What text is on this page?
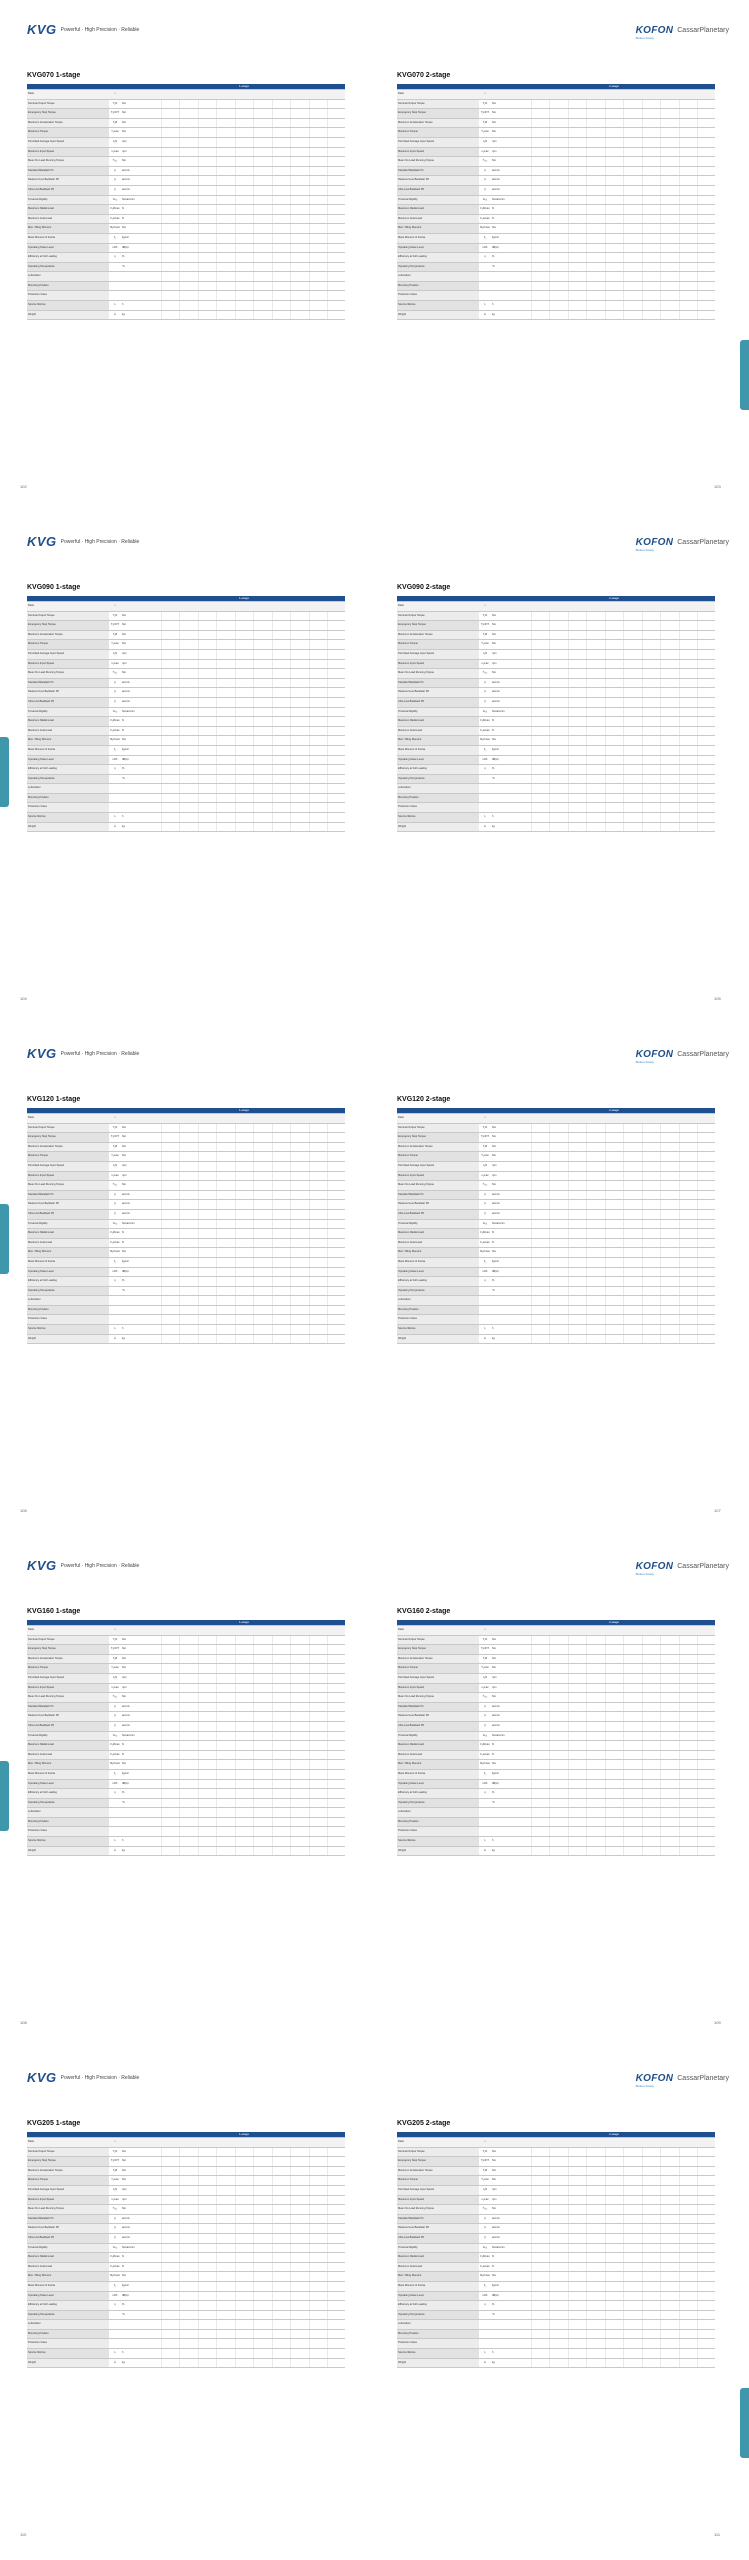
KVG Powerful · High Precision · Reliable	KOFON
Motion Group
CassarPlanetary
KVG070 1-stage	KVG070 2-stage
			1-stage
Ratio	i		
Nominal Output Torque	T₂N	Nm	
Emergency Stop Torque	T₂NOT	Nm	
Maximum Acceleration Torque	T₂B	Nm	
Maximum Torque	T₂max	Nm	
Permitted Average Input Speed	n₁N	rpm	
Maximum Input Speed	n₁max	rpm	
Mean No Load Running Torque	T₀₁₂	Nm	
Standard Backlash P1	jt	arcmin	
Reduced Low Backlash P0	jt	arcmin	
Ultra Low Backlash P0	jt	arcmin	
Torsional Rigidity	Ct₂₁	Nm/arcmin	
Maximum Radial Load	F₂Rmax	N	
Maximum Axial Load	F₂Amax	N	
Max. Tilting Moment	M₂Kmax	Nm	
Mass Moment of Inertia	J₁	kgcm²	
Operating Noise Level	LPA	dB(A)	
Efficiency at Full Loading	η	%	
Operating Temperature		°C	
Lubrication			
Mounting Position			
Protection Class			
Service lifetime	L	h	
Weight	m	kg	
			2-stage
Ratio	i		
Nominal Output Torque	T₂N	Nm	
Emergency Stop Torque	T₂NOT	Nm	
Maximum Acceleration Torque	T₂B	Nm	
Maximum Torque	T₂max	Nm	
Permitted Average Input Speed	n₁N	rpm	
Maximum Input Speed	n₁max	rpm	
Mean No Load Running Torque	T₀₁₂	Nm	
Standard Backlash P1	jt	arcmin	
Reduced Low Backlash P0	jt	arcmin	
Ultra Low Backlash P0	jt	arcmin	
Torsional Rigidity	Ct₂₁	Nm/arcmin	
Maximum Radial Load	F₂Rmax	N	
Maximum Axial Load	F₂Amax	N	
Max. Tilting Moment	M₂Kmax	Nm	
Mass Moment of Inertia	J₁	kgcm²	
Operating Noise Level	LPA	dB(A)	
Efficiency at Full Loading	η	%	
Operating Temperature		°C	
Lubrication			
Mounting Position			
Protection Class			
Service lifetime	L	h	
Weight	m	kg	
102	103
KVG Powerful · High Precision · Reliable	KOFON
Motion Group
CassarPlanetary
KVG090 1-stage	KVG090 2-stage
			1-stage
Ratio	i		
Nominal Output Torque	T₂N	Nm	
Emergency Stop Torque	T₂NOT	Nm	
Maximum Acceleration Torque	T₂B	Nm	
Maximum Torque	T₂max	Nm	
Permitted Average Input Speed	n₁N	rpm	
Maximum Input Speed	n₁max	rpm	
Mean No Load Running Torque	T₀₁₂	Nm	
Standard Backlash P1	jt	arcmin	
Reduced Low Backlash P0	jt	arcmin	
Ultra Low Backlash P0	jt	arcmin	
Torsional Rigidity	Ct₂₁	Nm/arcmin	
Maximum Radial Load	F₂Rmax	N	
Maximum Axial Load	F₂Amax	N	
Max. Tilting Moment	M₂Kmax	Nm	
Mass Moment of Inertia	J₁	kgcm²	
Operating Noise Level	LPA	dB(A)	
Efficiency at Full Loading	η	%	
Operating Temperature		°C	
Lubrication			
Mounting Position			
Protection Class			
Service lifetime	L	h	
Weight	m	kg	
			2-stage
Ratio	i		
Nominal Output Torque	T₂N	Nm	
Emergency Stop Torque	T₂NOT	Nm	
Maximum Acceleration Torque	T₂B	Nm	
Maximum Torque	T₂max	Nm	
Permitted Average Input Speed	n₁N	rpm	
Maximum Input Speed	n₁max	rpm	
Mean No Load Running Torque	T₀₁₂	Nm	
Standard Backlash P1	jt	arcmin	
Reduced Low Backlash P0	jt	arcmin	
Ultra Low Backlash P0	jt	arcmin	
Torsional Rigidity	Ct₂₁	Nm/arcmin	
Maximum Radial Load	F₂Rmax	N	
Maximum Axial Load	F₂Amax	N	
Max. Tilting Moment	M₂Kmax	Nm	
Mass Moment of Inertia	J₁	kgcm²	
Operating Noise Level	LPA	dB(A)	
Efficiency at Full Loading	η	%	
Operating Temperature		°C	
Lubrication			
Mounting Position			
Protection Class			
Service lifetime	L	h	
Weight	m	kg	
104	105
KVG Powerful · High Precision · Reliable	KOFON
Motion Group
CassarPlanetary
KVG120 1-stage	KVG120 2-stage
			1-stage
Ratio	i		
Nominal Output Torque	T₂N	Nm	
Emergency Stop Torque	T₂NOT	Nm	
Maximum Acceleration Torque	T₂B	Nm	
Maximum Torque	T₂max	Nm	
Permitted Average Input Speed	n₁N	rpm	
Maximum Input Speed	n₁max	rpm	
Mean No Load Running Torque	T₀₁₂	Nm	
Standard Backlash P1	jt	arcmin	
Reduced Low Backlash P0	jt	arcmin	
Ultra Low Backlash P0	jt	arcmin	
Torsional Rigidity	Ct₂₁	Nm/arcmin	
Maximum Radial Load	F₂Rmax	N	
Maximum Axial Load	F₂Amax	N	
Max. Tilting Moment	M₂Kmax	Nm	
Mass Moment of Inertia	J₁	kgcm²	
Operating Noise Level	LPA	dB(A)	
Efficiency at Full Loading	η	%	
Operating Temperature		°C	
Lubrication			
Mounting Position			
Protection Class			
Service lifetime	L	h	
Weight	m	kg	
			2-stage
Ratio	i		
Nominal Output Torque	T₂N	Nm	
Emergency Stop Torque	T₂NOT	Nm	
Maximum Acceleration Torque	T₂B	Nm	
Maximum Torque	T₂max	Nm	
Permitted Average Input Speed	n₁N	rpm	
Maximum Input Speed	n₁max	rpm	
Mean No Load Running Torque	T₀₁₂	Nm	
Standard Backlash P1	jt	arcmin	
Reduced Low Backlash P0	jt	arcmin	
Ultra Low Backlash P0	jt	arcmin	
Torsional Rigidity	Ct₂₁	Nm/arcmin	
Maximum Radial Load	F₂Rmax	N	
Maximum Axial Load	F₂Amax	N	
Max. Tilting Moment	M₂Kmax	Nm	
Mass Moment of Inertia	J₁	kgcm²	
Operating Noise Level	LPA	dB(A)	
Efficiency at Full Loading	η	%	
Operating Temperature		°C	
Lubrication			
Mounting Position			
Protection Class			
Service lifetime	L	h	
Weight	m	kg	
106	107
KVG Powerful · High Precision · Reliable	KOFON
Motion Group
CassarPlanetary
KVG160 1-stage	KVG160 2-stage
			1-stage
Ratio	i		
Nominal Output Torque	T₂N	Nm	
Emergency Stop Torque	T₂NOT	Nm	
Maximum Acceleration Torque	T₂B	Nm	
Maximum Torque	T₂max	Nm	
Permitted Average Input Speed	n₁N	rpm	
Maximum Input Speed	n₁max	rpm	
Mean No Load Running Torque	T₀₁₂	Nm	
Standard Backlash P1	jt	arcmin	
Reduced Low Backlash P0	jt	arcmin	
Ultra Low Backlash P0	jt	arcmin	
Torsional Rigidity	Ct₂₁	Nm/arcmin	
Maximum Radial Load	F₂Rmax	N	
Maximum Axial Load	F₂Amax	N	
Max. Tilting Moment	M₂Kmax	Nm	
Mass Moment of Inertia	J₁	kgcm²	
Operating Noise Level	LPA	dB(A)	
Efficiency at Full Loading	η	%	
Operating Temperature		°C	
Lubrication			
Mounting Position			
Protection Class			
Service lifetime	L	h	
Weight	m	kg	
			2-stage
Ratio	i		
Nominal Output Torque	T₂N	Nm	
Emergency Stop Torque	T₂NOT	Nm	
Maximum Acceleration Torque	T₂B	Nm	
Maximum Torque	T₂max	Nm	
Permitted Average Input Speed	n₁N	rpm	
Maximum Input Speed	n₁max	rpm	
Mean No Load Running Torque	T₀₁₂	Nm	
Standard Backlash P1	jt	arcmin	
Reduced Low Backlash P0	jt	arcmin	
Ultra Low Backlash P0	jt	arcmin	
Torsional Rigidity	Ct₂₁	Nm/arcmin	
Maximum Radial Load	F₂Rmax	N	
Maximum Axial Load	F₂Amax	N	
Max. Tilting Moment	M₂Kmax	Nm	
Mass Moment of Inertia	J₁	kgcm²	
Operating Noise Level	LPA	dB(A)	
Efficiency at Full Loading	η	%	
Operating Temperature		°C	
Lubrication			
Mounting Position			
Protection Class			
Service lifetime	L	h	
Weight	m	kg	
108	109
KVG Powerful · High Precision · Reliable	KOFON
Motion Group
CassarPlanetary
KVG205 1-stage	KVG205 2-stage
			1-stage
Ratio	i		
Nominal Output Torque	T₂N	Nm	
Emergency Stop Torque	T₂NOT	Nm	
Maximum Acceleration Torque	T₂B	Nm	
Maximum Torque	T₂max	Nm	
Permitted Average Input Speed	n₁N	rpm	
Maximum Input Speed	n₁max	rpm	
Mean No Load Running Torque	T₀₁₂	Nm	
Standard Backlash P1	jt	arcmin	
Reduced Low Backlash P0	jt	arcmin	
Ultra Low Backlash P0	jt	arcmin	
Torsional Rigidity	Ct₂₁	Nm/arcmin	
Maximum Radial Load	F₂Rmax	N	
Maximum Axial Load	F₂Amax	N	
Max. Tilting Moment	M₂Kmax	Nm	
Mass Moment of Inertia	J₁	kgcm²	
Operating Noise Level	LPA	dB(A)	
Efficiency at Full Loading	η	%	
Operating Temperature		°C	
Lubrication			
Mounting Position			
Protection Class			
Service lifetime	L	h	
Weight	m	kg	
			2-stage
Ratio	i		
Nominal Output Torque	T₂N	Nm	
Emergency Stop Torque	T₂NOT	Nm	
Maximum Acceleration Torque	T₂B	Nm	
Maximum Torque	T₂max	Nm	
Permitted Average Input Speed	n₁N	rpm	
Maximum Input Speed	n₁max	rpm	
Mean No Load Running Torque	T₀₁₂	Nm	
Standard Backlash P1	jt	arcmin	
Reduced Low Backlash P0	jt	arcmin	
Ultra Low Backlash P0	jt	arcmin	
Torsional Rigidity	Ct₂₁	Nm/arcmin	
Maximum Radial Load	F₂Rmax	N	
Maximum Axial Load	F₂Amax	N	
Max. Tilting Moment	M₂Kmax	Nm	
Mass Moment of Inertia	J₁	kgcm²	
Operating Noise Level	LPA	dB(A)	
Efficiency at Full Loading	η	%	
Operating Temperature		°C	
Lubrication			
Mounting Position			
Protection Class			
Service lifetime	L	h	
Weight	m	kg	
110	111
